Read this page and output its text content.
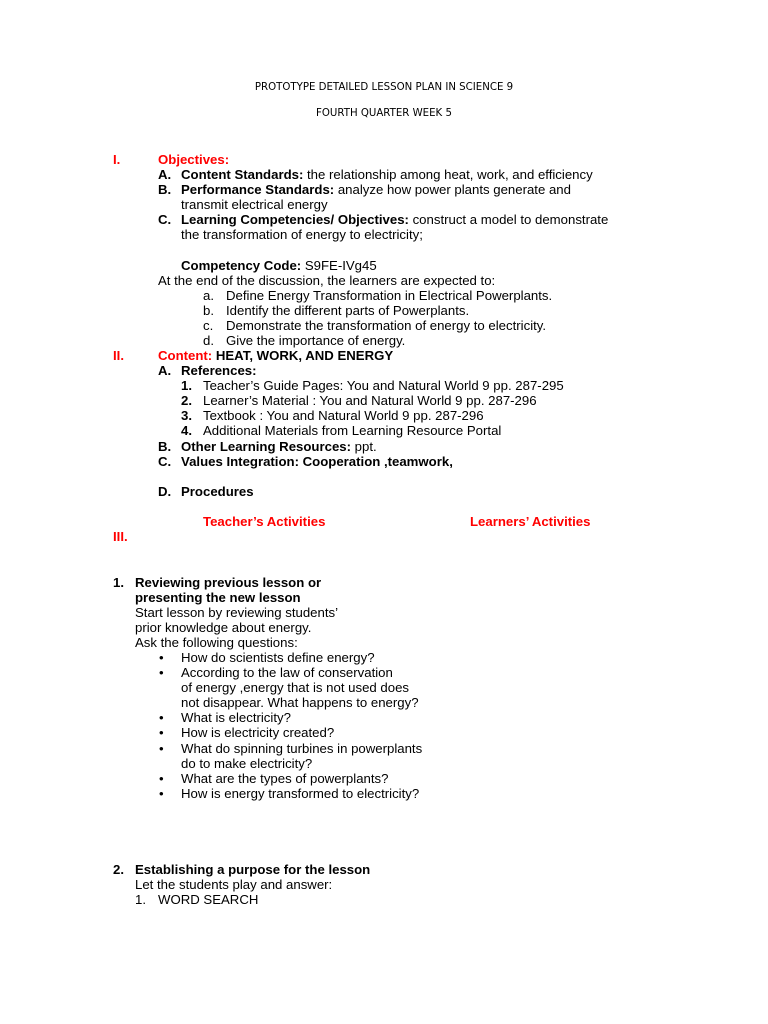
PROTOTYPE DETAILED LESSON PLAN IN SCIENCE 9
FOURTH QUARTER WEEK 5
I.	Objectives:
A. Content Standards: the relationship among heat, work, and efficiency
B. Performance Standards: analyze how power plants generate and
transmit electrical energy
C. Learning Competencies/ Objectives: construct a model to demonstrate
the transformation of energy to electricity;
Competency Code: S9FE-IVg45
At the end of the discussion, the learners are expected to:
a. Define Energy Transformation in Electrical Powerplants.
b. Identify the different parts of Powerplants.
c. Demonstrate the transformation of energy to electricity.
d. Give the importance of energy.
II.	Content: HEAT, WORK, AND ENERGY
A. References:
1. Teacher’s Guide Pages: You and Natural World 9 pp. 287-295
2. Learner’s Material : You and Natural World 9 pp. 287-296
3. Textbook : You and Natural World 9 pp. 287-296
4. Additional Materials from Learning Resource Portal
B. Other Learning Resources: ppt.
C. Values Integration: Cooperation ,teamwork,
D. Procedures
Teacher’s Activities	Learners’ Activities
III.
1. Reviewing previous lesson or
presenting the new lesson
Start lesson by reviewing students’
prior knowledge about energy.
Ask the following questions:
• How do scientists define energy?
• According to the law of conservation
of energy ,energy that is not used does
not disappear. What happens to energy?
• What is electricity?
• How is electricity created?
• What do spinning turbines in powerplants
do to make electricity?
• What are the types of powerplants?
• How is energy transformed to electricity?
2. Establishing a purpose for the lesson
Let the students play and answer:
1. WORD SEARCH
